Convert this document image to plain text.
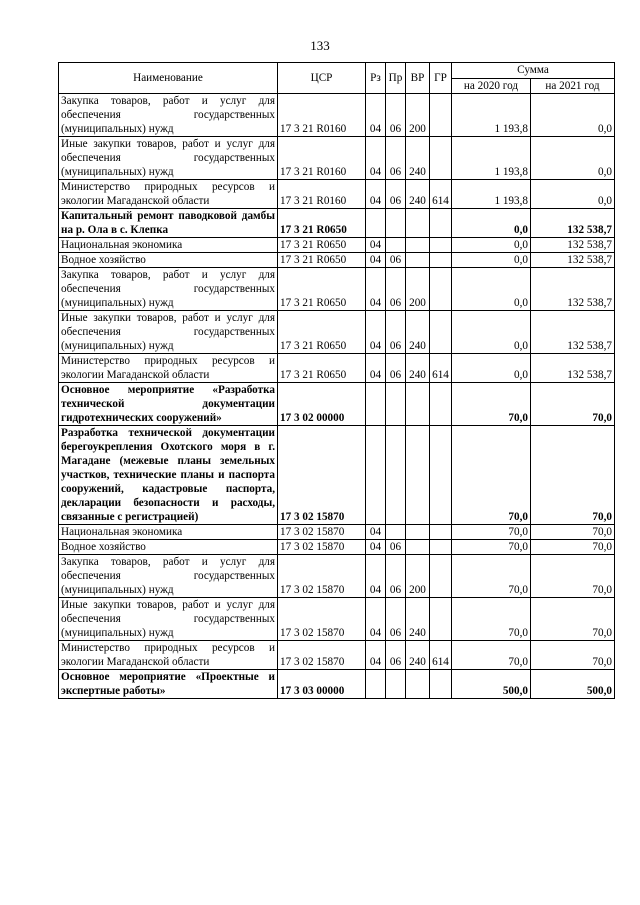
133
Наименование	ЦСР	Рз	Пр	ВР	ГР	Сумма	
						на 2020 год	на 2021 год
Закупка товаров, работ и услуг для обеспечения государственных (муниципальных) нужд	17 3 21 R0160	04	06	200		1 193,8	0,0
Иные закупки товаров, работ и услуг для обеспечения государственных (муниципальных) нужд	17 3 21 R0160	04	06	240		1 193,8	0,0
Министерство природных ресурсов и экологии Магаданской области	17 3 21 R0160	04	06	240	614	1 193,8	0,0
Капитальный ремонт паводковой дамбы на р. Ола в с. Клепка	17 3 21 R0650					0,0	132 538,7
Национальная экономика	17 3 21 R0650	04				0,0	132 538,7
Водное хозяйство	17 3 21 R0650	04	06			0,0	132 538,7
Закупка товаров, работ и услуг для обеспечения государственных (муниципальных) нужд	17 3 21 R0650	04	06	200		0,0	132 538,7
Иные закупки товаров, работ и услуг для обеспечения государственных (муниципальных) нужд	17 3 21 R0650	04	06	240		0,0	132 538,7
Министерство природных ресурсов и экологии Магаданской области	17 3 21 R0650	04	06	240	614	0,0	132 538,7
Основное мероприятие «Разработка технической документации гидротехнических сооружений»	17 3 02 00000					70,0	70,0
Разработка технической документации берегоукрепления Охотского моря в г. Магадане (межевые планы земельных участков, технические планы и паспорта сооружений, кадастровые паспорта, декларации безопасности и расходы, связанные с регистрацией)	17 3 02 15870					70,0	70,0
Национальная экономика	17 3 02 15870	04				70,0	70,0
Водное хозяйство	17 3 02 15870	04	06			70,0	70,0
Закупка товаров, работ и услуг для обеспечения государственных (муниципальных) нужд	17 3 02 15870	04	06	200		70,0	70,0
Иные закупки товаров, работ и услуг для обеспечения государственных (муниципальных) нужд	17 3 02 15870	04	06	240		70,0	70,0
Министерство природных ресурсов и экологии Магаданской области	17 3 02 15870	04	06	240	614	70,0	70,0
Основное мероприятие «Проектные и экспертные работы»	17 3 03 00000					500,0	500,0
